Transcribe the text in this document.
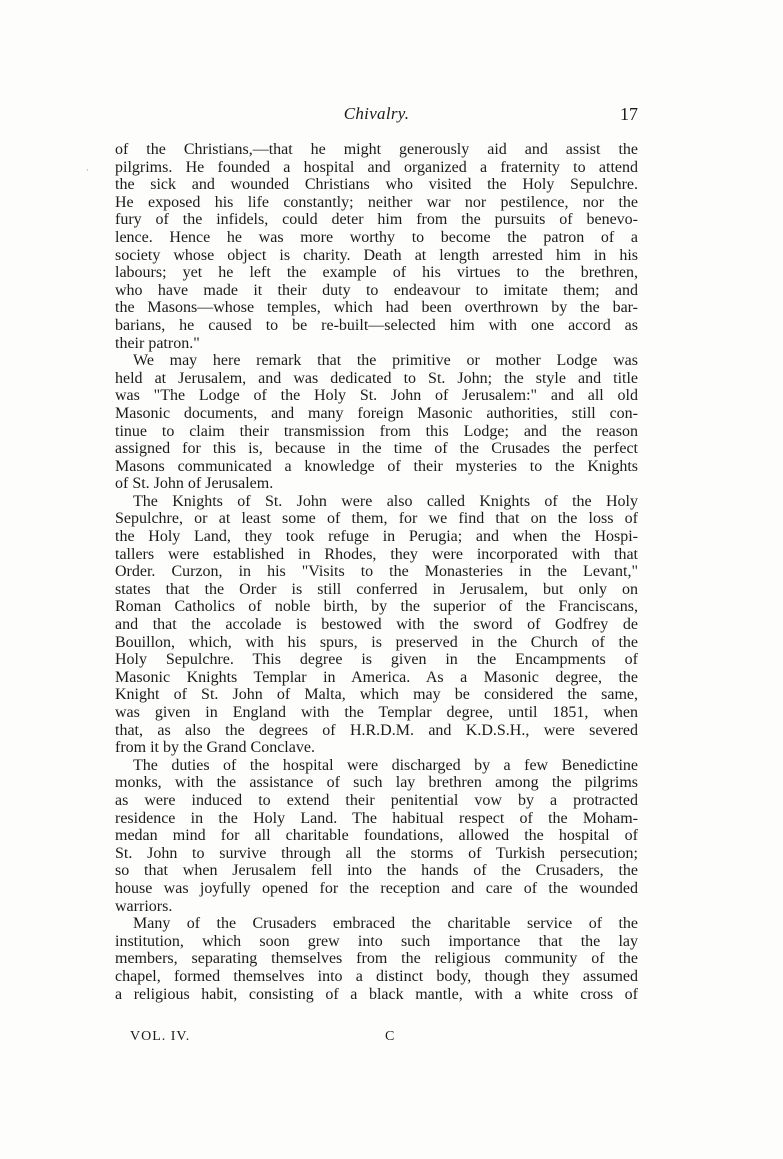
Chivalry.	17
·
of the Christians,—that he might generously aid and assist the
pilgrims. He founded a hospital and organized a fraternity to attend
the sick and wounded Christians who visited the Holy Sepulchre.
He exposed his life constantly; neither war nor pestilence, nor the
fury of the infidels, could deter him from the pursuits of benevo-
lence. Hence he was more worthy to become the patron of a
society whose object is charity. Death at length arrested him in his
labours; yet he left the example of his virtues to the brethren,
who have made it their duty to endeavour to imitate them; and
the Masons—whose temples, which had been overthrown by the bar-
barians, he caused to be re-built—selected him with one accord as
their patron."
We may here remark that the primitive or mother Lodge was
held at Jerusalem, and was dedicated to St. John; the style and title
was "The Lodge of the Holy St. John of Jerusalem:" and all old
Masonic documents, and many foreign Masonic authorities, still con-
tinue to claim their transmission from this Lodge; and the reason
assigned for this is, because in the time of the Crusades the perfect
Masons communicated a knowledge of their mysteries to the Knights
of St. John of Jerusalem.
The Knights of St. John were also called Knights of the Holy
Sepulchre, or at least some of them, for we find that on the loss of
the Holy Land, they took refuge in Perugia; and when the Hospi-
tallers were established in Rhodes, they were incorporated with that
Order. Curzon, in his "Visits to the Monasteries in the Levant,"
states that the Order is still conferred in Jerusalem, but only on
Roman Catholics of noble birth, by the superior of the Franciscans,
and that the accolade is bestowed with the sword of Godfrey de
Bouillon, which, with his spurs, is preserved in the Church of the
Holy Sepulchre. This degree is given in the Encampments of
Masonic Knights Templar in America. As a Masonic degree, the
Knight of St. John of Malta, which may be considered the same,
was given in England with the Templar degree, until 1851, when
that, as also the degrees of H.R.D.M. and K.D.S.H., were severed
from it by the Grand Conclave.
The duties of the hospital were discharged by a few Benedictine
monks, with the assistance of such lay brethren among the pilgrims
as were induced to extend their penitential vow by a protracted
residence in the Holy Land. The habitual respect of the Moham-
medan mind for all charitable foundations, allowed the hospital of
St. John to survive through all the storms of Turkish persecution;
so that when Jerusalem fell into the hands of the Crusaders, the
house was joyfully opened for the reception and care of the wounded
warriors.
Many of the Crusaders embraced the charitable service of the
institution, which soon grew into such importance that the lay
members, separating themselves from the religious community of the
chapel, formed themselves into a distinct body, though they assumed
a religious habit, consisting of a black mantle, with a white cross of
VOL. IV.	C
